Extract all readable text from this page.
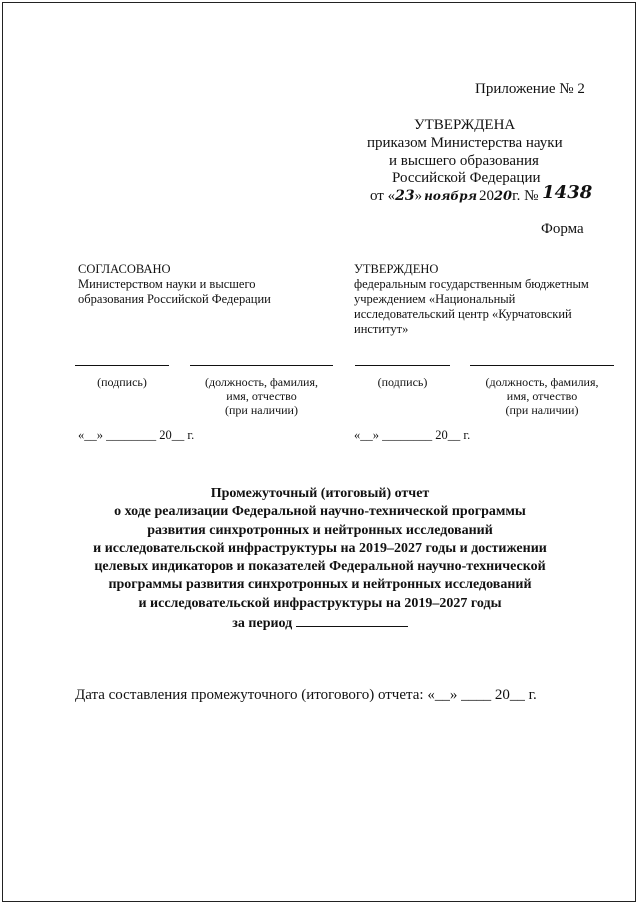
Приложение № 2
УТВЕРЖДЕНА
приказом Министерства науки
и высшего образования
Российской Федерации
от «23» ноября 2020г. № 1438
Форма
СОГЛАСОВАНО
Министерством науки и высшего
образования Российской Федерации
УТВЕРЖДЕНО
федеральным государственным бюджетным
учреждением «Национальный
исследовательский центр «Курчатовский
институт»
(подпись)	(должность, фамилия,
имя, отчество
(при наличии)
(подпись)	(должность, фамилия,
имя, отчество
(при наличии)
«__» ________ 20__ г.	«__» ________ 20__ г.
Промежуточный (итоговый) отчет
о ходе реализации Федеральной научно-технической программы
развития синхротронных и нейтронных исследований
и исследовательской инфраструктуры на 2019–2027 годы и достижении
целевых индикаторов и показателей Федеральной научно-технической
программы развития синхротронных и нейтронных исследований
и исследовательской инфраструктуры на 2019–2027 годы
за период
Дата составления промежуточного (итогового) отчета: «__» ____ 20__ г.
